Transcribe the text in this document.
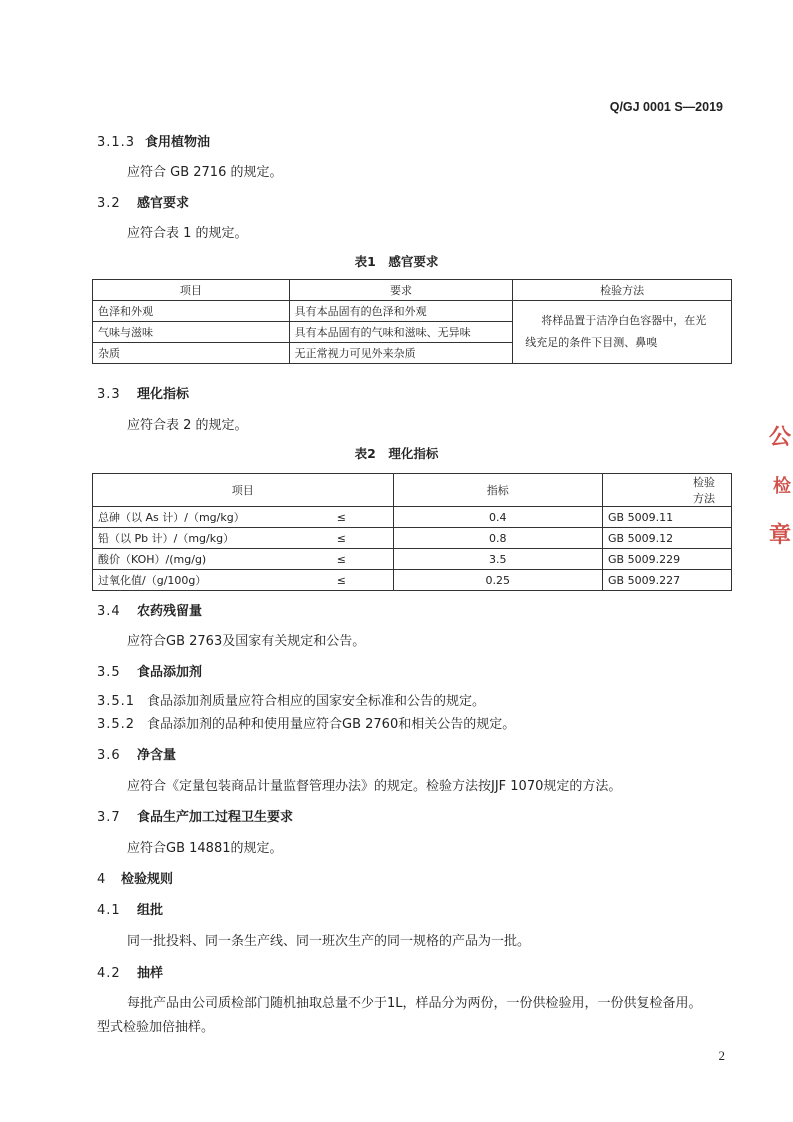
Q/GJ 0001 S—2019
3.1.3 食用植物油
应符合 GB 2716 的规定。
3.2 感官要求
应符合表 1 的规定。
表1　感官要求
项目	要求	检验方法
色泽和外观	具有本品固有的色泽和外观	将样品置于洁净白色容器中，在光
线充足的条件下目测、鼻嗅

气味与滋味	具有本品固有的气味和滋味、无异味	
杂质	无正常视力可见外来杂质	
3.3 理化指标
应符合表 2 的规定。
表2　理化指标
项目		指标	检验方法
总砷（以 As 计）/（mg/kg）	≤	0.4	GB 5009.11
铅（以 Pb 计）/（mg/kg）	≤	0.8	GB 5009.12
酸价（KOH）/(mg/g)	≤	3.5	GB 5009.229
过氧化值/（g/100g）	≤	0.25	GB 5009.227
3.4 农药残留量
应符合GB 2763及国家有关规定和公告。
3.5 食品添加剂
3.5.1 食品添加剂质量应符合相应的国家安全标准和公告的规定。
3.5.2 食品添加剂的品种和使用量应符合GB 2760和相关公告的规定。
3.6 净含量
应符合《定量包装商品计量监督管理办法》的规定。检验方法按JJF 1070规定的方法。
3.7 食品生产加工过程卫生要求
应符合GB 14881的规定。
4 检验规则
4.1 组批
同一批投料、同一条生产线、同一班次生产的同一规格的产品为一批。
4.2 抽样
每批产品由公司质检部门随机抽取总量不少于1L，样品分为两份，一份供检验用，一份供复检备用。
型式检验加倍抽样。
公
检
章
2
